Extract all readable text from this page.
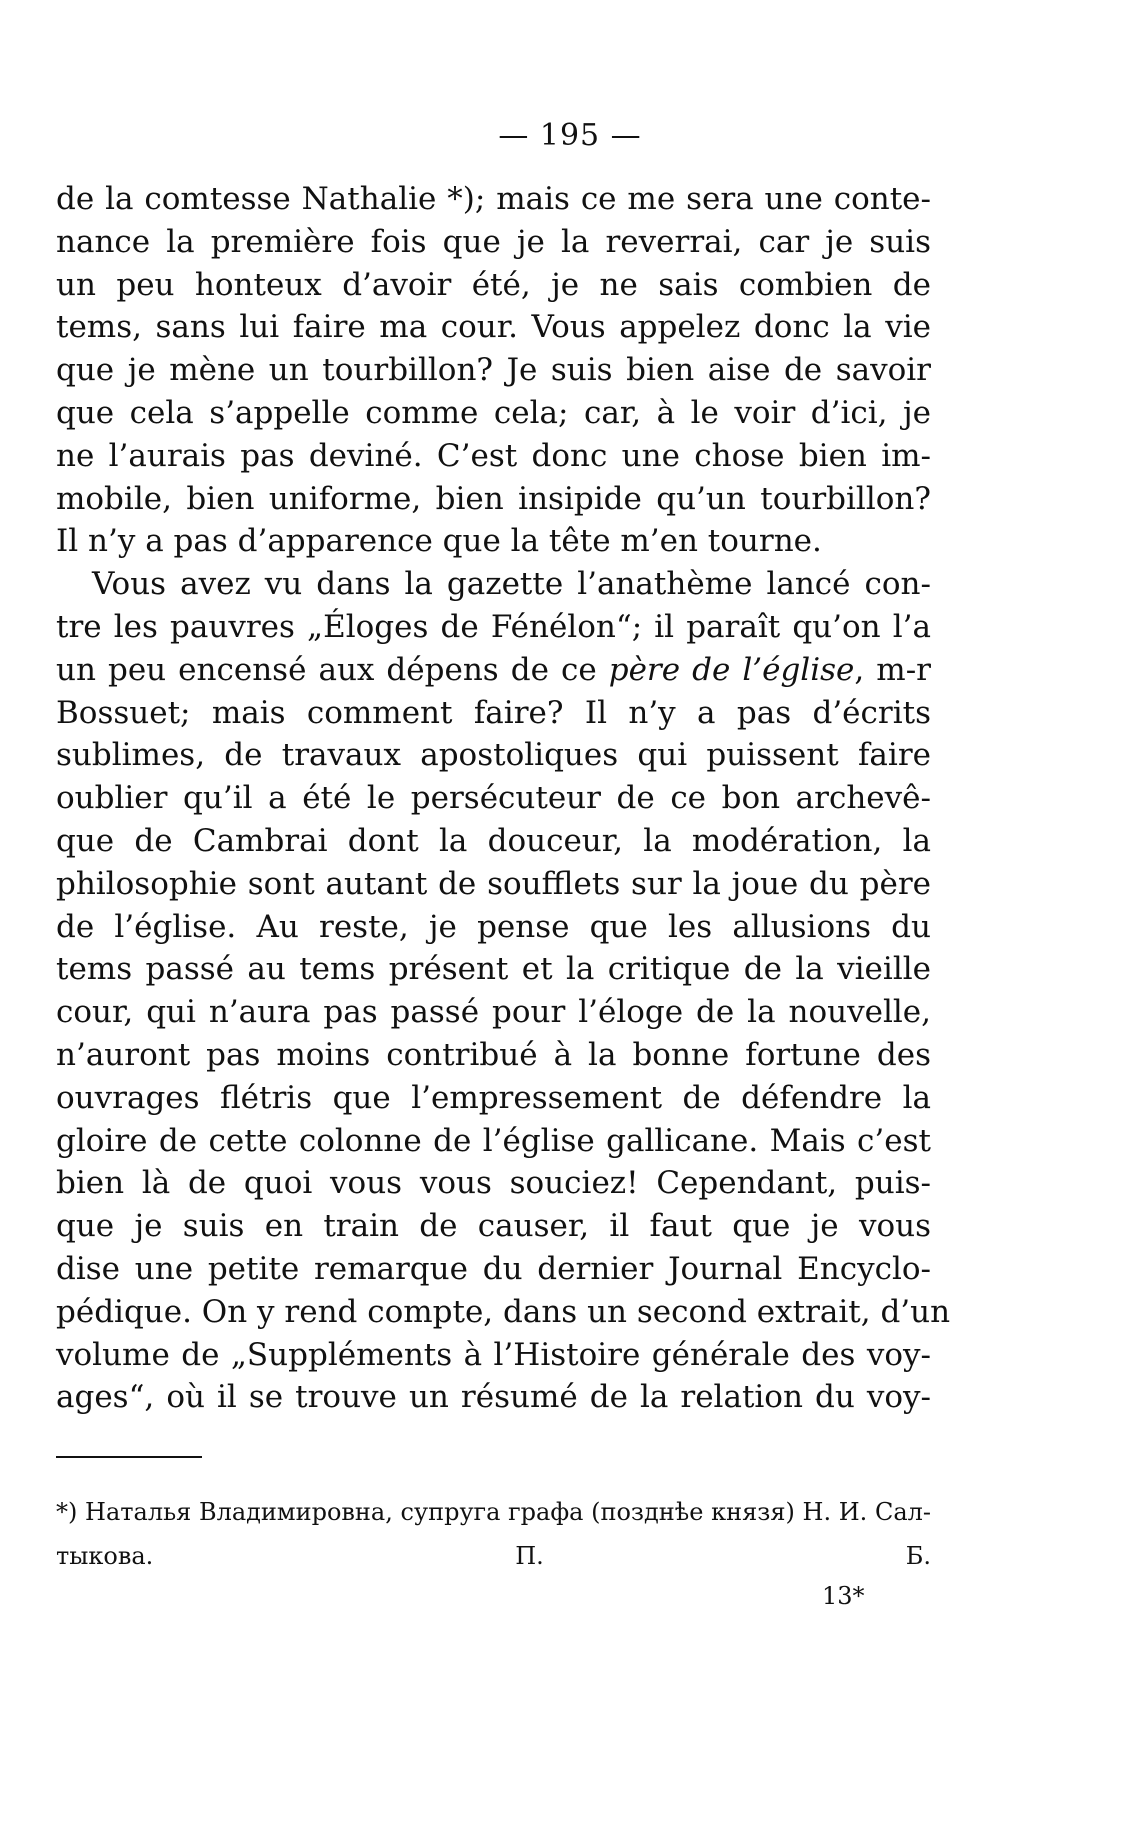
— 195 —

de la comtesse Nathalie *); mais ce me sera une conte-
nance la première fois que je la reverrai, car je suis
un peu honteux d’avoir été, je ne sais combien de
tems, sans lui faire ma cour. Vous appelez donc la vie
que je mène un tourbillon? Je suis bien aise de savoir
que cela s’appelle comme cela; car, à le voir d’ici, je
ne l’aurais pas deviné. C’est donc une chose bien im-
mobile, bien uniforme, bien insipide qu’un tourbillon?
Il n’y a pas d’apparence que la tête m’en tourne.

Vous avez vu dans la gazette l’anathème lancé con-
tre les pauvres „Éloges de Fénélon“; il paraît qu’on l’a
un peu encensé aux dépens de ce père de l’église, m-r
Bossuet; mais comment faire? Il n’y a pas d’écrits
sublimes, de travaux apostoliques qui puissent faire
oublier qu’il a été le persécuteur de ce bon archevê-
que de Cambrai dont la douceur, la modération, la
philosophie sont autant de soufflets sur la joue du père
de l’église. Au reste, je pense que les allusions du
tems passé au tems présent et la critique de la vieille
cour, qui n’aura pas passé pour l’éloge de la nouvelle,
n’auront pas moins contribué à la bonne fortune des
ouvrages flétris que l’empressement de défendre la
gloire de cette colonne de l’église gallicane. Mais c’est
bien là de quoi vous vous souciez! Cependant, puis-
que je suis en train de causer, il faut que je vous
dise une petite remarque du dernier Journal Encyclo-
pédique. On y rend compte, dans un second extrait, d’un
volume de „Suppléments à l’Histoire générale des voy-
ages“, où il se trouve un résumé de la relation du voy-

*) Наталья Владимировна, супруга графа (позднѣе князя) Н. И. Сал-
тыкова. П. Б.
13*
